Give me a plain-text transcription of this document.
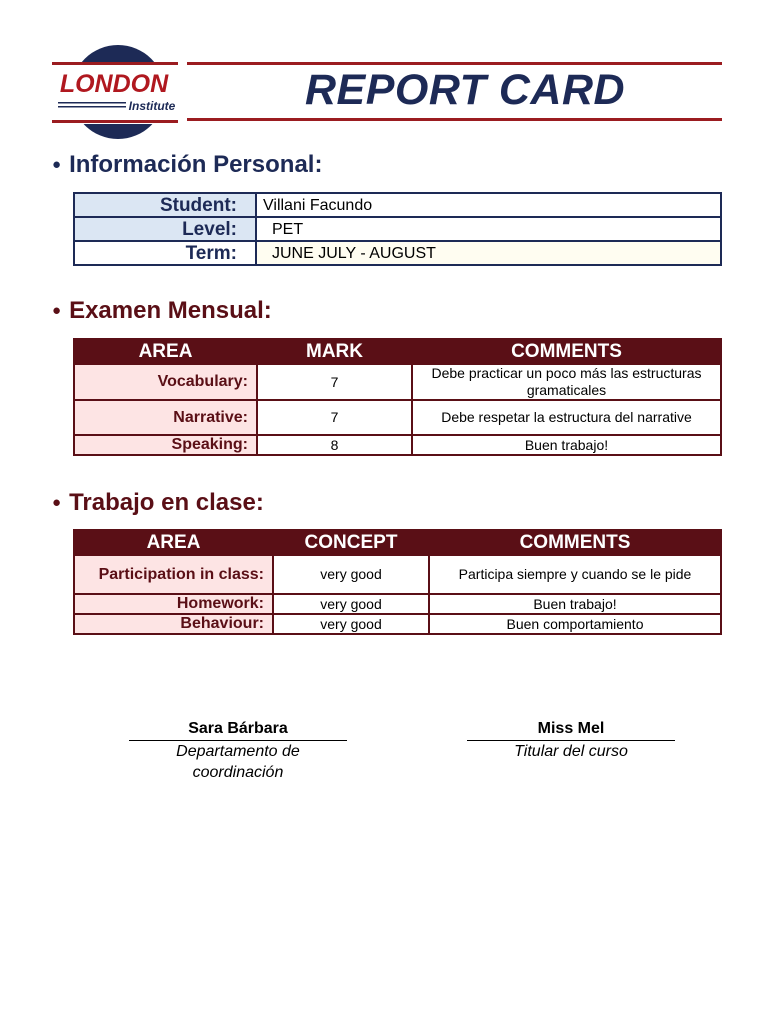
LONDON
Institute	REPORT CARD
● Información Personal:
Student:	Villani Facundo
Level:	PET
Term:	JUNE JULY - AUGUST
● Examen Mensual:
AREA	MARK	COMMENTS
Vocabulary:	7	Debe practicar un poco más las estructuras gramaticales
Narrative:	7	Debe respetar la estructura del narrative
Speaking:	8	Buen trabajo!
● Trabajo en clase:
AREA	CONCEPT	COMMENTS
Participation in class:	very good	Participa siempre y cuando se le pide
Homework:	very good	Buen trabajo!
Behaviour:	very good	Buen comportamiento
Sara Bárbara
Departamento de coordinación
Miss Mel
Titular del curso
